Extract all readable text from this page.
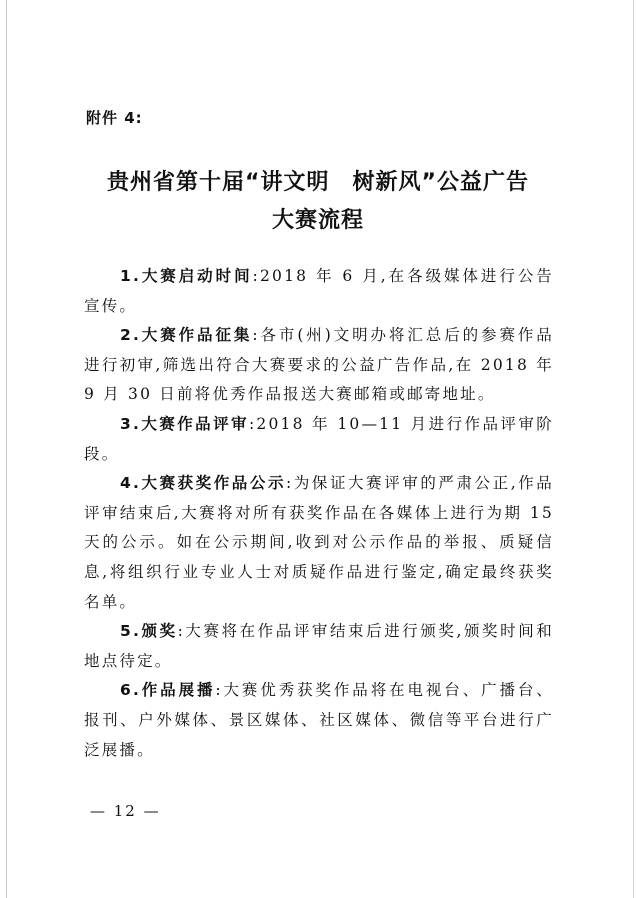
附件 4:
贵州省第十届“讲文明　树新风”公益广告
大赛流程

1.大赛启动时间:2018 年 6 月,在各级媒体进行公告宣传。

2.大赛作品征集:各市(州)文明办将汇总后的参赛作品进行初审,筛选出符合大赛要求的公益广告作品,在 2018 年 9 月 30 日前将优秀作品报送大赛邮箱或邮寄地址。

3.大赛作品评审:2018 年 10—11 月进行作品评审阶段。

4.大赛获奖作品公示:为保证大赛评审的严肃公正,作品评审结束后,大赛将对所有获奖作品在各媒体上进行为期 15 天的公示。如在公示期间,收到对公示作品的举报、质疑信息,将组织行业专业人士对质疑作品进行鉴定,确定最终获奖名单。

5.颁奖:大赛将在作品评审结束后进行颁奖,颁奖时间和地点待定。

6.作品展播:大赛优秀获奖作品将在电视台、广播台、报刊、户外媒体、景区媒体、社区媒体、微信等平台进行广泛展播。

— 12 —
